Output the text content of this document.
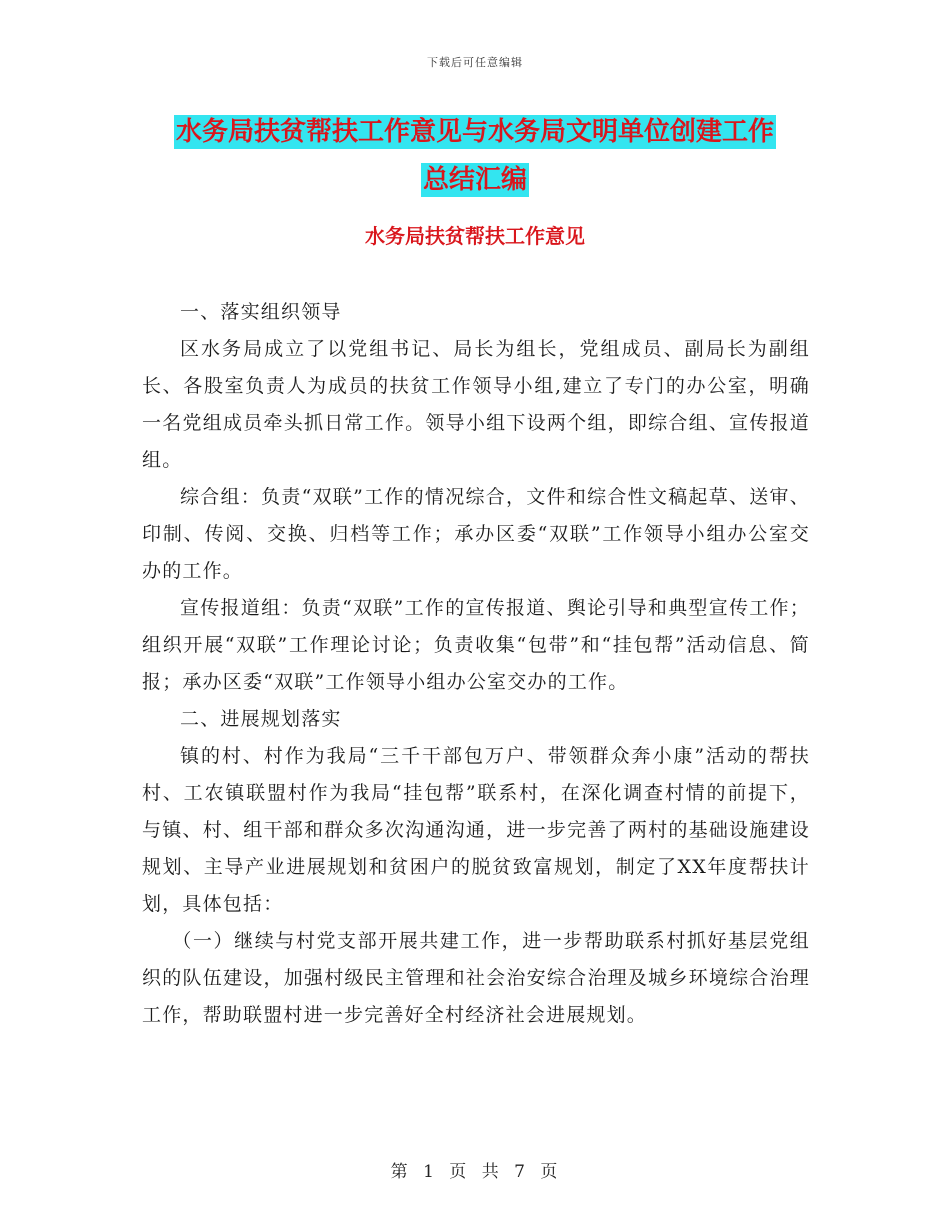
下载后可任意编辑
水务局扶贫帮扶工作意见与水务局文明单位创建工作
总结汇编
水务局扶贫帮扶工作意见

一、落实组织领导

区水务局成立了以党组书记、局长为组长，党组成员、副局长为副组长、各股室负责人为成员的扶贫工作领导小组,建立了专门的办公室，明确一名党组成员牵头抓日常工作。领导小组下设两个组，即综合组、宣传报道组。

综合组：负责“双联”工作的情况综合，文件和综合性文稿起草、送审、印制、传阅、交换、归档等工作；承办区委“双联”工作领导小组办公室交办的工作。

宣传报道组：负责“双联”工作的宣传报道、舆论引导和典型宣传工作；组织开展“双联”工作理论讨论；负责收集“包带”和“挂包帮”活动信息、简报；承办区委“双联”工作领导小组办公室交办的工作。

二、进展规划落实

镇的村、村作为我局“三千干部包万户、带领群众奔小康”活动的帮扶村、工农镇联盟村作为我局“挂包帮”联系村，在深化调查村情的前提下，与镇、村、组干部和群众多次沟通沟通，进一步完善了两村的基础设施建设规划、主导产业进展规划和贫困户的脱贫致富规划，制定了XX年度帮扶计划，具体包括：

（一）继续与村党支部开展共建工作，进一步帮助联系村抓好基层党组织的队伍建设，加强村级民主管理和社会治安综合治理及城乡环境综合治理工作，帮助联盟村进一步完善好全村经济社会进展规划。

第 1 页 共 7 页
